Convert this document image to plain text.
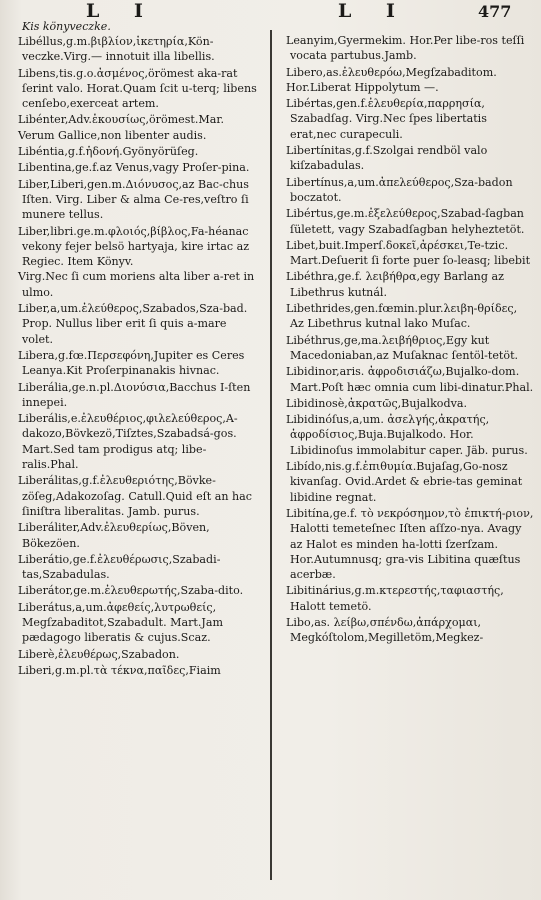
Kis könyveczke.
L I	L I	477
Libéllus,g.m.βιβλίον,ἱκετηρία,Kön-veczke.Virg.— innotuit illa libellis.
Libens,tis.g.o.ἀσμένος,örömest aka-rat ſerint valo. Horat.Quam ſcit u-terq; libens cenſebo,exerceat artem.
Libénter,Adv.ἑκουσίως,örömest.Mar.
Verum Gallice,non libenter audis.
Libéntia,g.f.ἡδονή.Gyönyörüſeg.
Libentina,ge.f.az Venus,vagy Proſer-pina.
Liber,Liberi,gen.m.Διόνυσος,az Bac-chus Iſten. Virg. Liber & alma Ce-res,veſtro ſi munere tellus.
Liber,libri.ge.m.φλοιός,βίβλος,Fa-héanac vekony fejer belsö hartyaja, kire irtac az Regiec. Item Könyv.
Virg.Nec ſi cum moriens alta liber a-ret in ulmo.
Liber,a,um.ἐλεύθερος,Szabados,Sza-bad. Prop. Nullus liber erit ſi quis a-mare volet.
Libera,g.fœ.Περσεφόνη,Jupiter es Ceres Leanya.Kit Proſerpinanakis hivnac.
Liberália,ge.n.pl.Διονύσια,Bacchus I-ſten innepei.
Liberális,e.ἐλευθέριος,φιλελεύθερος,A-dakozo,Bövkezö,Tiſztes,Szabadsá-gos. Mart.Sed tam prodigus atq; libe-ralis.Phal.
Liberálitas,g.f.ἐλευθεριότης,Bövke-zöſeg,Adakozoſag. Catull.Quid eſt an hac ſiniſtra liberalitas. Jamb. purus.
Liberáliter,Adv.ἐλευθερίως,Böven, Bökezöen.
Liberátio,ge.f.ἐλευθέρωσις,Szabadi-tas,Szabadulas.
Liberátor,ge.m.ἐλευθερωτής,Szaba-dito.
Liberátus,a,um.ἀφεθείς,λυτρωθείς, Megſzabaditot,Szabadult. Mart.Jam pædagogo liberatis & cujus.Scaz.
Liberè,ἐλευθέρως,Szabadon.
Liberi,g.m.pl.τὰ τέκνα,παῖδες,Fiaim
Leanyim,Gyermekim. Hor.Per libe-ros teſſi vocata partubus.Jamb.
Libero,as.ἐλευθερόω,Megſzabaditom.
Hor.Liberat Hippolytum —.
Libértas,gen.f.ἐλευθερία,παρρησία, Szabadſag. Virg.Nec ſpes libertatis erat,nec curapeculi.
Libertínitas,g.f.Szolgai rendböl valo kiſzabadulas.
Libertínus,a,um.ἀπελεύθερος,Sza-badon boczatot.
Libértus,ge.m.ἐξελεύθερος,Szabad-ſagban ſületett, vagy Szabadſagban helyheztetöt.
Libet,buit.Imperſ.δοκεῖ,ἀρέσκει,Te-tzic. Mart.Deſuerit ſi forte puer ſo-leasq; libebit
Libéthra,ge.f. λειβήθρα,egy Barlang az Libethrus kutnál.
Libethrides,gen.fœmin.plur.λειβη-θρίδες, Az Libethrus kutnal lako Muſac.
Libéthrus,ge,ma.λειβήθριος,Egy kut Macedoniaban,az Muſaknac ſentöl-tetöt.
Libidinor,aris. ἀφροδισιάζω,Bujalko-dom. Mart.Poſt hæc omnia cum libi-dinatur.Phal.
Libidinosè,ἀκρατῶς,Bujalkodva.
Libidinóſus,a,um. ἀσελγής,ἀκρατής, ἀφροδίσιος,Buja.Bujalkodo. Hor. Libidinoſus immolabitur caper. Jäb. purus.
Libído,nis.g.f.ἐπιθυμία.Bujaſag,Go-nosz kivanſag. Ovid.Ardet & ebrie-tas geminat libidine regnat.
Libitína,ge.f. τὸ νεκρόσημον,τὸ ἐπικτή-ριον, Halotti temeteſnec Iſten aſſzo-nya. Avagy az Halot es minden ha-lotti ſzerſzam. Hor.Autumnusq; gra-vis Libitina quæſtus acerbæ.
Libitinárius,g.m.κτερεστής,ταφιαστής, Halott temetö.
Libo,as. λείβω,σπένδω,ἀπάρχομαι, Megkóſtolom,Megilletöm,Megkez-
